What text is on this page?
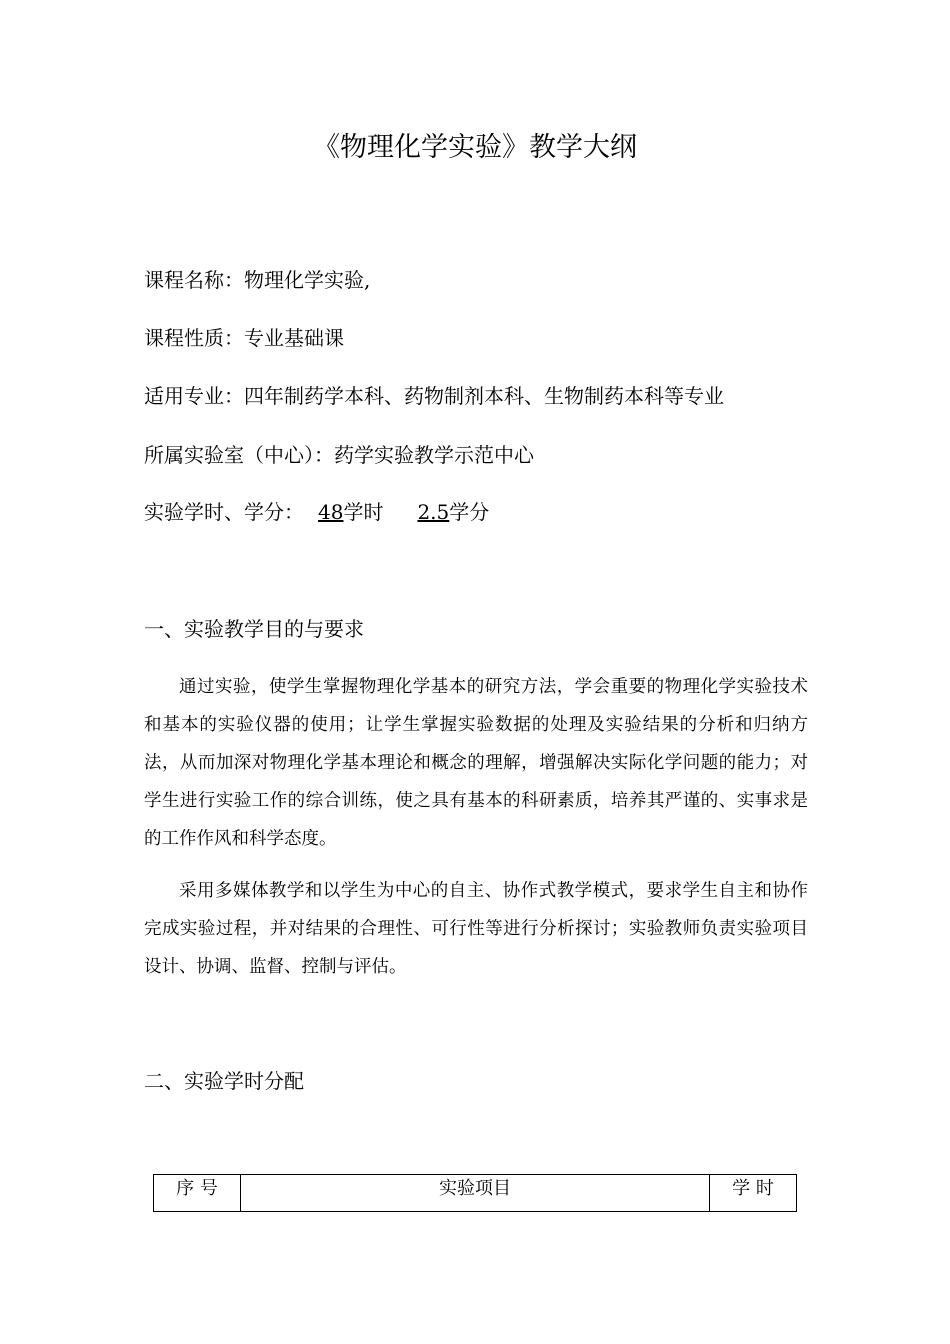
《物理化学实验》教学大纲
课程名称：物理化学实验,
课程性质：专业基础课
适用专业：四年制药学本科、药物制剂本科、生物制药本科等专业
所属实验室（中心）：药学实验教学示范中心
实验学时、学分： 48学时 2.5学分
一、实验教学目的与要求

通过实验，使学生掌握物理化学基本的研究方法，学会重要的物理化学实验技术和基本的实验仪器的使用；让学生掌握实验数据的处理及实验结果的分析和归纳方法，从而加深对物理化学基本理论和概念的理解，增强解决实际化学问题的能力；对学生进行实验工作的综合训练，使之具有基本的科研素质，培养其严谨的、实事求是的工作作风和科学态度。

采用多媒体教学和以学生为中心的自主、协作式教学模式，要求学生自主和协作完成实验过程，并对结果的合理性、可行性等进行分析探讨；实验教师负责实验项目设计、协调、监督、控制与评估。

二、实验学时分配
序 号	实验项目	学 时
